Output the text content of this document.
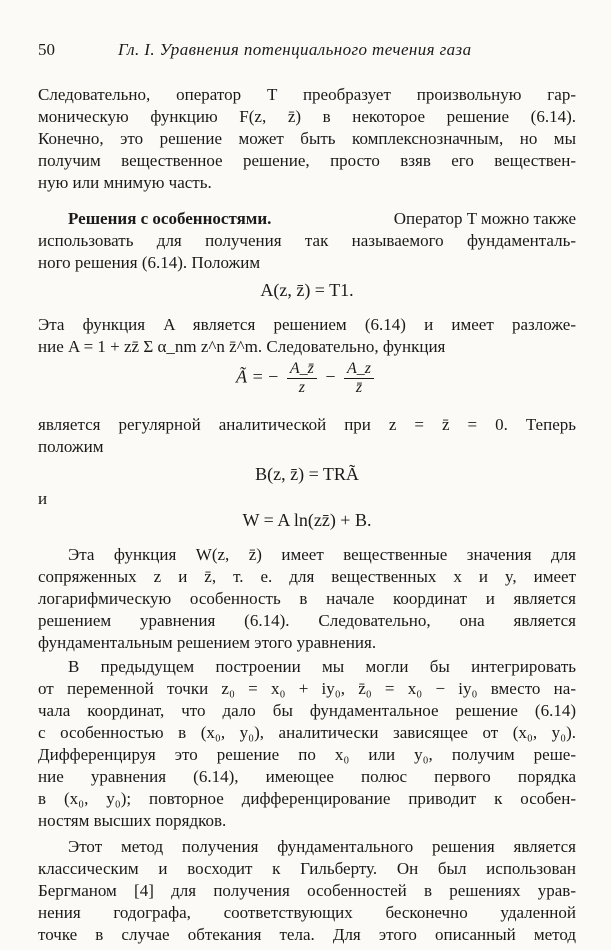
50	Гл. I. Уравнения потенциального течения газа
Следовательно, оператор T преобразует произвольную гар-
моническую функцию F(z, z̄) в некоторое решение (6.14).
Конечно, это решение может быть комплекснозначным, но мы
получим вещественное решение, просто взяв его веществен-
ную или мнимую часть.
Решения с особенностями.	Оператор T можно также
использовать для получения так называемого фундаменталь-
ного решения (6.14). Положим
A(z, z̄) = T1.
Эта функция A является решением (6.14) и имеет разложе-
ние A = 1 + zz̄ Σ α_nm z^n z̄^m. Следовательно, функция
Ã = − $\frac{A\_z̄}{z} - \frac{A\_z}{z̄}$
является регулярной аналитической при z = z̄ = 0. Теперь
положим
B(z, z̄) = TRÃ
и
W = A ln(zz̄) + B.
Эта функция W(z, z̄) имеет вещественные значения для
сопряженных z и z̄, т. е. для вещественных x и y, имеет
логарифмическую особенность в начале координат и является
решением уравнения (6.14). Следовательно, она является
фундаментальным решением этого уравнения.
В предыдущем построении мы могли бы интегрировать
от переменной точки z₀ = x₀ + iy₀, z̄₀ = x₀ − iy₀ вместо на-
чала координат, что дало бы фундаментальное решение (6.14)
с особенностью в (x₀, y₀), аналитически зависящее от (x₀, y₀).
Дифференцируя это решение по x₀ или y₀, получим реше-
ние уравнения (6.14), имеющее полюс первого порядка
в (x₀, y₀); повторное дифференцирование приводит к особен-
ностям высших порядков.
Этот метод получения фундаментального решения является
классическим и восходит к Гильберту. Он был использован
Бергманом [4] для получения особенностей в решениях урав-
нения годографа, соответствующих бесконечно удаленной
точке в случае обтекания тела. Для этого описанный метод
